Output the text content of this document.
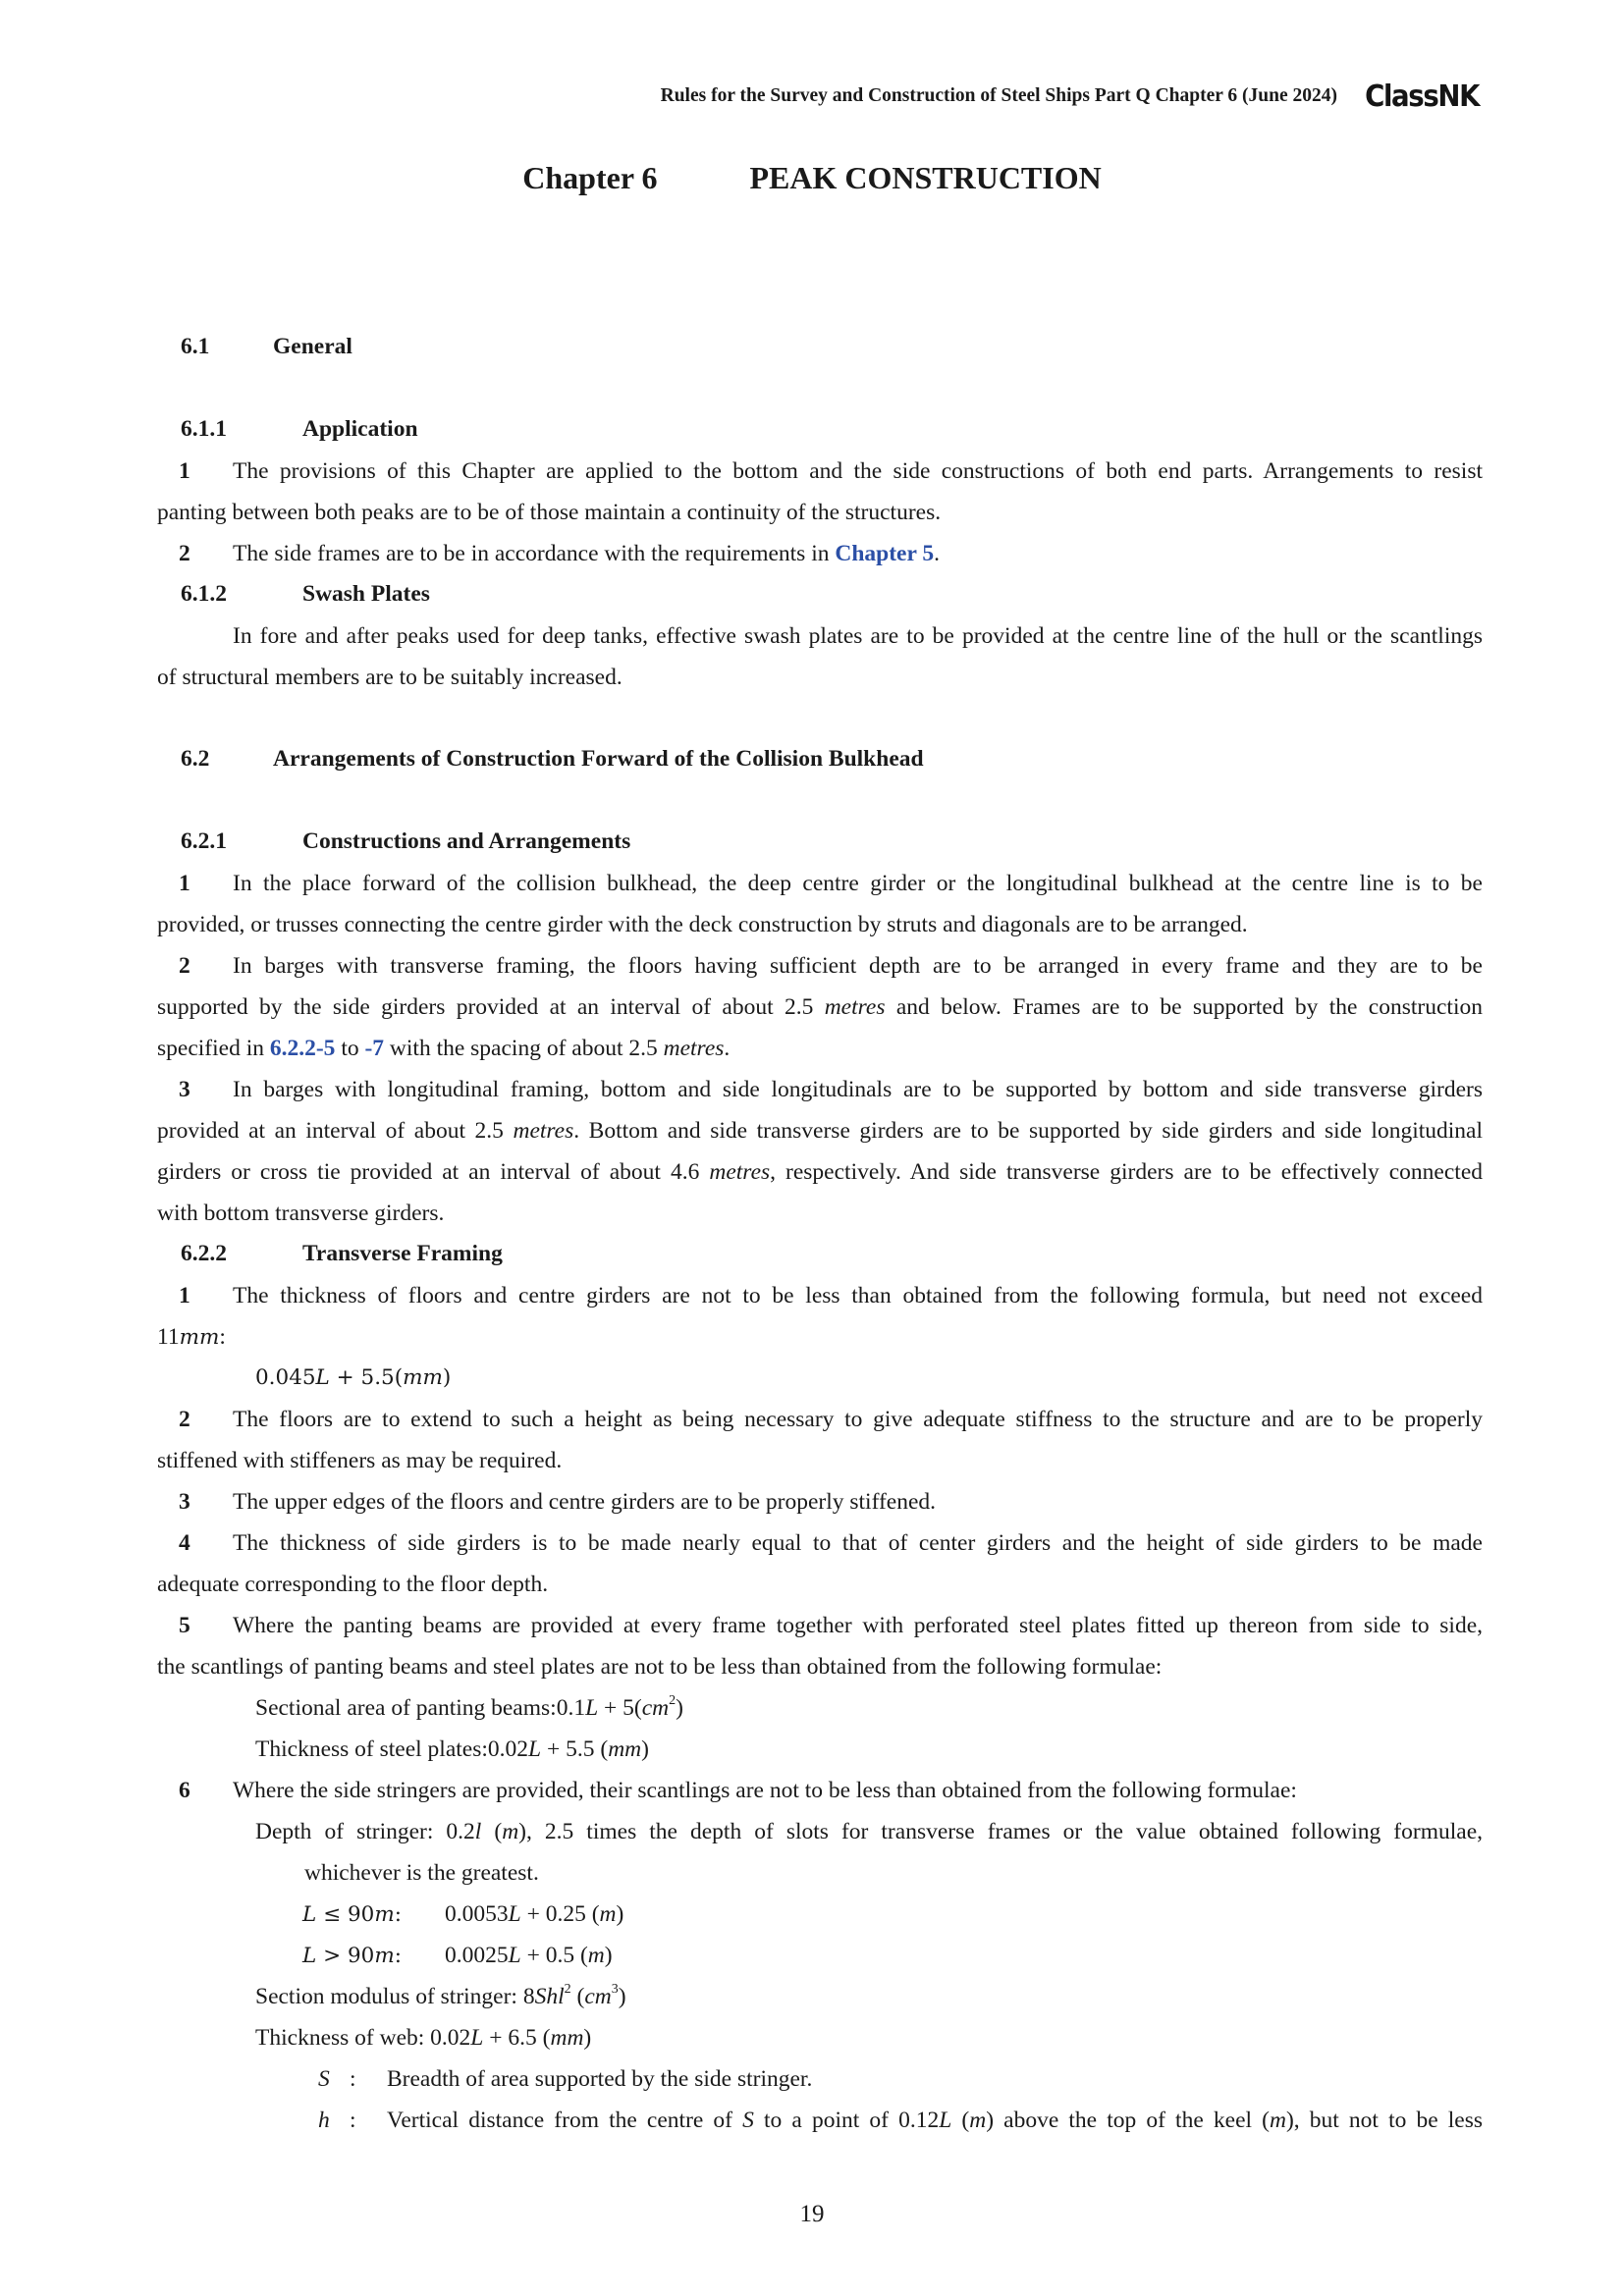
Rules for the Survey and Construction of Steel Ships Part Q Chapter 6 (June 2024) ClassNK
Chapter 6	PEAK CONSTRUCTION
6.1	General
6.1.1	Application
1 The provisions of this Chapter are applied to the bottom and the side constructions of both end parts. Arrangements to resist
panting between both peaks are to be of those maintain a continuity of the structures.
2 The side frames are to be in accordance with the requirements in Chapter 5.
6.1.2	Swash Plates
In fore and after peaks used for deep tanks, effective swash plates are to be provided at the centre line of the hull or the scantlings
of structural members are to be suitably increased.
6.2	Arrangements of Construction Forward of the Collision Bulkhead
6.2.1	Constructions and Arrangements
1 In the place forward of the collision bulkhead, the deep centre girder or the longitudinal bulkhead at the centre line is to be
provided, or trusses connecting the centre girder with the deck construction by struts and diagonals are to be arranged.
2 In barges with transverse framing, the floors having sufficient depth are to be arranged in every frame and they are to be
supported by the side girders provided at an interval of about 2.5 metres and below. Frames are to be supported by the construction
specified in 6.2.2-5 to -7 with the spacing of about 2.5 metres.
3 In barges with longitudinal framing, bottom and side longitudinals are to be supported by bottom and side transverse girders
provided at an interval of about 2.5 metres. Bottom and side transverse girders are to be supported by side girders and side longitudinal
girders or cross tie provided at an interval of about 4.6 metres, respectively. And side transverse girders are to be effectively connected
with bottom transverse girders.
6.2.2	Transverse Framing
1 The thickness of floors and centre girders are not to be less than obtained from the following formula, but need not exceed
11mm:
0.045𝐿 + 5.5(𝑚𝑚)
2 The floors are to extend to such a height as being necessary to give adequate stiffness to the structure and are to be properly
stiffened with stiffeners as may be required.
3 The upper edges of the floors and centre girders are to be properly stiffened.
4 The thickness of side girders is to be made nearly equal to that of center girders and the height of side girders to be made
adequate corresponding to the floor depth.
5 Where the panting beams are provided at every frame together with perforated steel plates fitted up thereon from side to side,
the scantlings of panting beams and steel plates are not to be less than obtained from the following formulae:
Sectional area of panting beams:0.1L + $5(cm^2)$
Thickness of steel plates:0.02L + 5.5 (mm)
6 Where the side stringers are provided, their scantlings are not to be less than obtained from the following formulae:
Depth of stringer: 0.2l (m), 2.5 times the depth of slots for transverse frames or the value obtained following formulae,
whichever is the greatest.
𝐿 ≤ 90𝑚: 0.0053L + 0.25 (m)
𝐿 > 90𝑚: 0.0025L + 0.5 (m)
Section modulus of stringer: 8Shl$^2$ $(cm^3)$
Thickness of web: 0.02L + 6.5 (mm)
S : Breadth of area supported by the side stringer.
h : Vertical distance from the centre of S to a point of 0.12L (m) above the top of the keel (m), but not to be less
19
